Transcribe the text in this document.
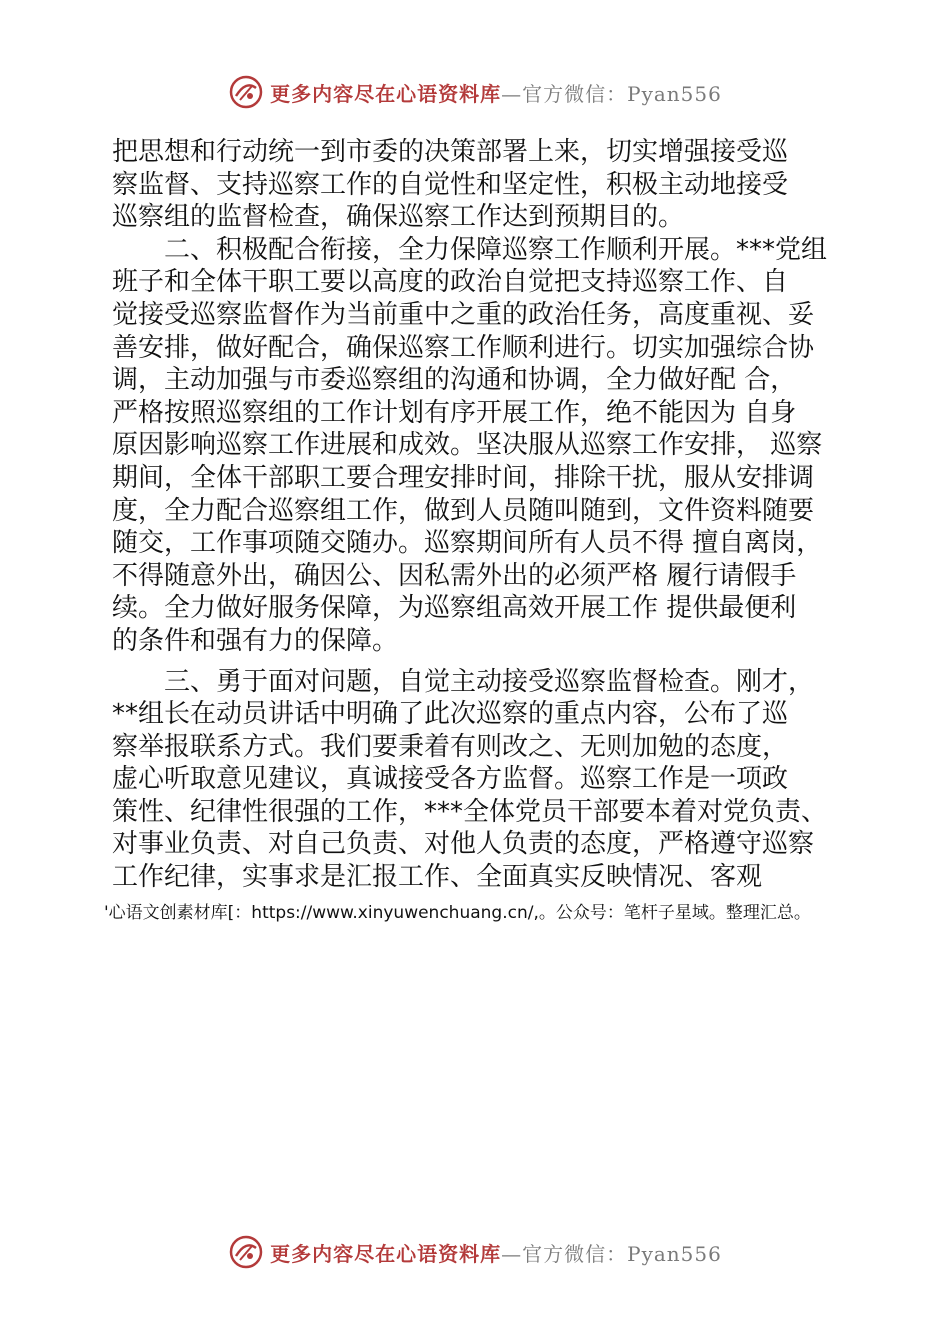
更多内容尽在心语资料库—官方微信：Pyan556
把思想和行动统一到市委的决策部署上来，切实增强接受巡
察监督、支持巡察工作的自觉性和坚定性，积极主动地接受
巡察组的监督检查，确保巡察工作达到预期目的。
二、积极配合衔接，全力保障巡察工作顺利开展。***党组
班子和全体干职工要以高度的政治自觉把支持巡察工作、自
觉接受巡察监督作为当前重中之重的政治任务，高度重视、妥
善安排，做好配合，确保巡察工作顺利进行。切实加强综合协
调，主动加强与市委巡察组的沟通和协调，全力做好配 合，
严格按照巡察组的工作计划有序开展工作，绝不能因为 自身
原因影响巡察工作进展和成效。坚决服从巡察工作安排， 巡察
期间，全体干部职工要合理安排时间，排除干扰，服从安排调
度，全力配合巡察组工作，做到人员随叫随到，文件资料随要
随交，工作事项随交随办。巡察期间所有人员不得 擅自离岗，
不得随意外出，确因公、因私需外出的必须严格 履行请假手
续。全力做好服务保障，为巡察组高效开展工作 提供最便利
的条件和强有力的保障。
三、勇于面对问题，自觉主动接受巡察监督检查。刚才，
**组长在动员讲话中明确了此次巡察的重点内容，公布了巡
察举报联系方式。我们要秉着有则改之、无则加勉的态度，
虚心听取意见建议，真诚接受各方监督。巡察工作是一项政
策性、纪律性很强的工作，***全体党员干部要本着对党负责、
对事业负责、对自己负责、对他人负责的态度，严格遵守巡察
工作纪律，实事求是汇报工作、全面真实反映情况、客观
'心语文创素材库[：https://www.xinyuwenchuang.cn/,。公众号：笔杆子星域。整理汇总。
更多内容尽在心语资料库—官方微信：Pyan556
